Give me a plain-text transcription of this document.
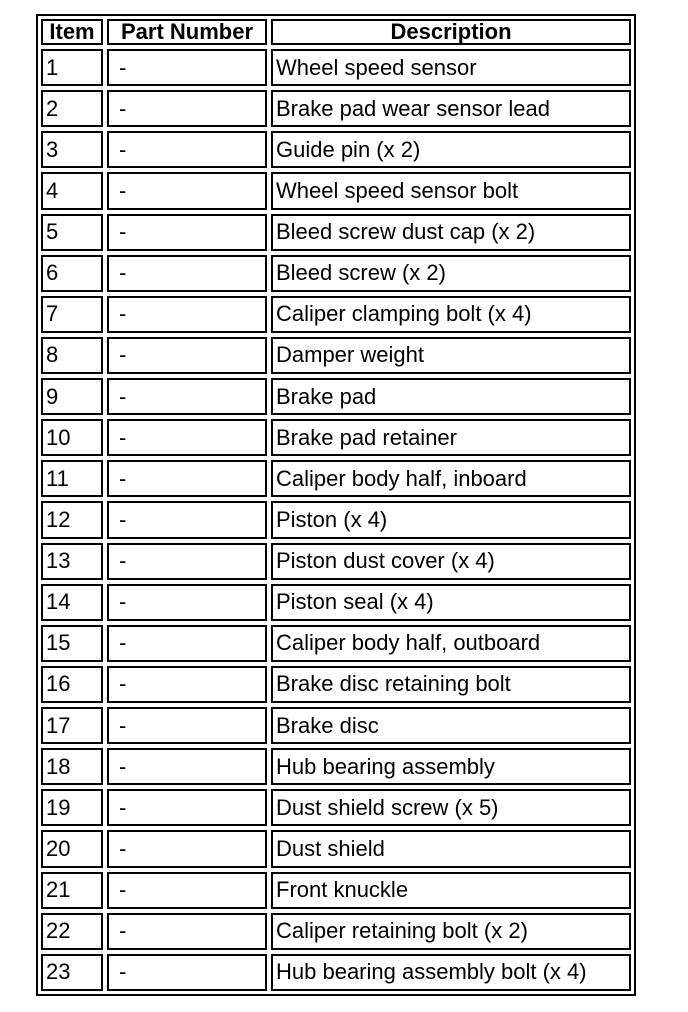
Item	Part Number	Description
1	-	Wheel speed sensor
2	-	Brake pad wear sensor lead
3	-	Guide pin (x 2)
4	-	Wheel speed sensor bolt
5	-	Bleed screw dust cap (x 2)
6	-	Bleed screw (x 2)
7	-	Caliper clamping bolt (x 4)
8	-	Damper weight
9	-	Brake pad
10	-	Brake pad retainer
11	-	Caliper body half, inboard
12	-	Piston (x 4)
13	-	Piston dust cover (x 4)
14	-	Piston seal (x 4)
15	-	Caliper body half, outboard
16	-	Brake disc retaining bolt
17	-	Brake disc
18	-	Hub bearing assembly
19	-	Dust shield screw (x 5)
20	-	Dust shield
21	-	Front knuckle
22	-	Caliper retaining bolt (x 2)
23	-	Hub bearing assembly bolt (x 4)
